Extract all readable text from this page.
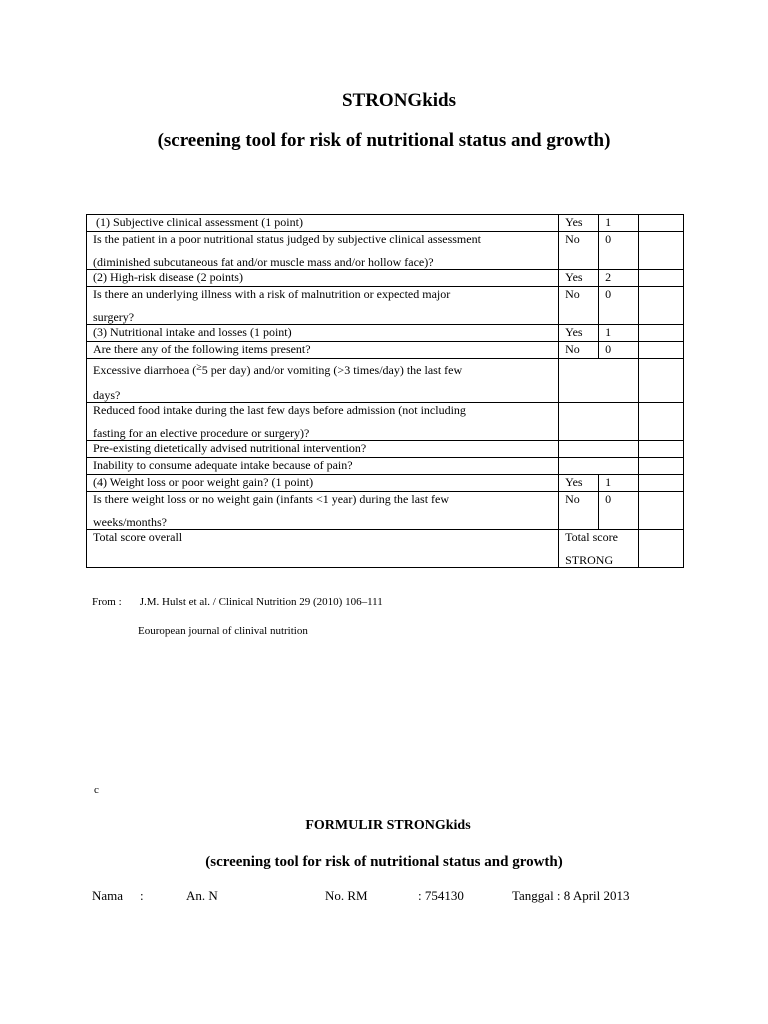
STRONGkids
(screening tool for risk of nutritional status and growth)
(1) Subjective clinical assessment (1 point)	Yes	1	

Is the patient in a poor nutritional status judged by subjective clinical assessment
(diminished subcutaneous fat and/or muscle mass and/or hollow face)?	No	0	
(2) High-risk disease (2 points)	Yes	2	

Is there an underlying illness with a risk of malnutrition or expected major
surgery?	No	0	
(3) Nutritional intake and losses (1 point)	Yes	1	
Are there any of the following items present?	No	0	

Excessive diarrhoea (≥5 per day) and/or vomiting (>3 times/day) the last few
days?			

Reduced food intake during the last few days before admission (not including
fasting for an elective procedure or surgery)?			

Pre-existing dietetically advised nutritional intervention?			
Inability to consume adequate intake because of pain?			
(4) Weight loss or poor weight gain? (1 point)	Yes	1	

Is there weight loss or no weight gain (infants <1 year) during the last few
weeks/months?	No	0	
Total score overall	Total score
STRONG		

From : J.M. Hulst et al. / Clinical Nutrition 29 (2010) 106–111
Eouropean journal of clinival nutrition
c
FORMULIR STRONGkids
(screening tool for risk of nutritional status and growth)
Nama :	An. N	No. RM	: 754130	Tanggal : 8 April 2013
